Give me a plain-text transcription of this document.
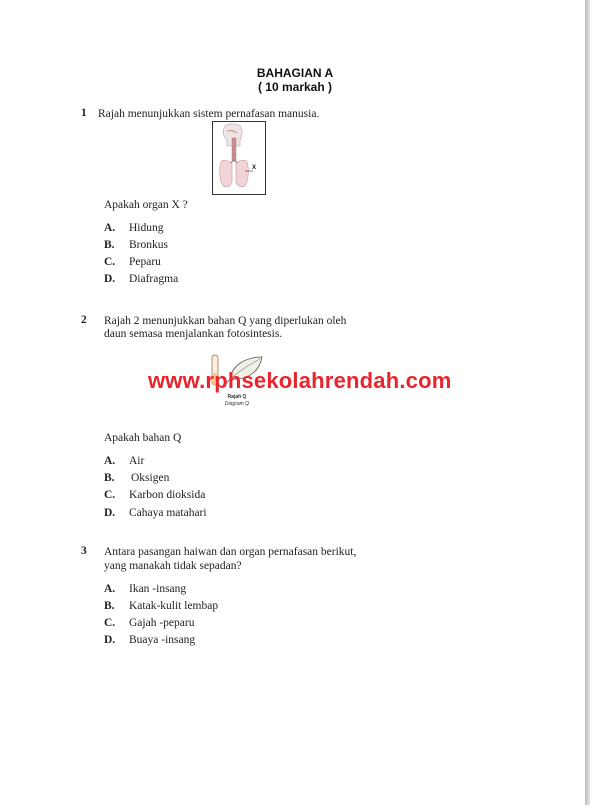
BAHAGIAN A
( 10 markah )
1 Rajah menunjukkan sistem pernafasan manusia.
X
Apakah organ X ?
A. Hidung
B. Bronkus
C. Peparu
D. Diafragma
2 Rajah 2 menunjukkan bahan Q yang diperlukan oleh
daun semasa menjalankan fotosintesis.
Rajah Q
Diagram Q
www.rphsekolahrendah.com
Apakah bahan Q
A. Air
B. Oksigen
C. Karbon dioksida
D. Cahaya matahari
3 Antara pasangan haiwan dan organ pernafasan berikut,
yang manakah tidak sepadan?
A. Ikan -insang
B. Katak-kulit lembap
C. Gajah -peparu
D. Buaya -insang
